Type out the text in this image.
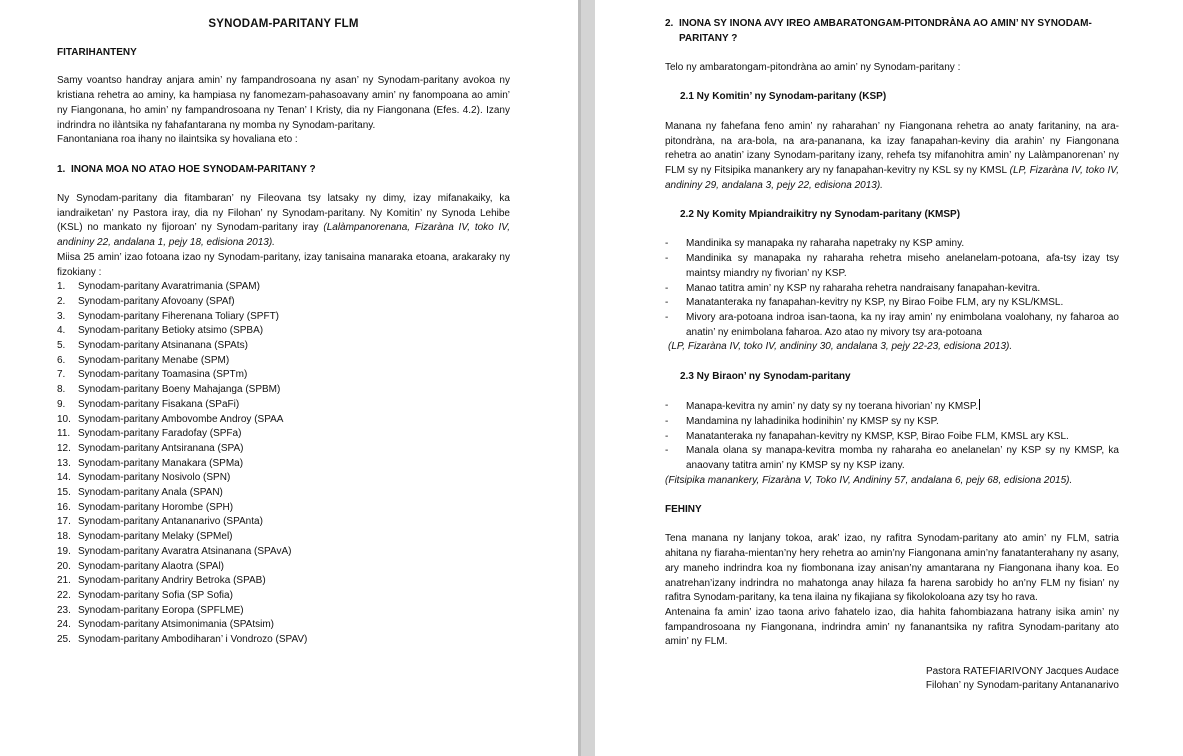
SYNODAM-PARITANY FLM

FITARIHANTENY

Samy voantso handray anjara amin’ ny fampandrosoana ny asan’ ny Synodam-paritany avokoa ny kristiana rehetra ao aminy, ka hampiasa ny fanomezam-pahasoavany amin’ ny fanompoana ao amin’ ny Fiangonana, ho amin’ ny fampandrosoana ny Tenan’ I Kristy, dia ny Fiangonana (Efes. 4.2). Izany indrindra no ilàntsika ny fahafantarana ny momba ny Synodam-paritany.

Fanontaniana roa ihany no ilaintsika sy hovaliana eto :

1. INONA MOA NO ATAO HOE SYNODAM-PARITANY ?

Ny Synodam-paritany dia fitambaran’ ny Fileovana tsy latsaky ny dimy, izay mifanakaiky, ka iandraiketan’ ny Pastora iray, dia ny Filohan’ ny Synodam-paritany. Ny Komitin’ ny Synoda Lehibe (KSL) no mankato ny fijoroan’ ny Synodam-paritany iray (Lalàmpanorenana, Fizaràna IV, toko IV, andininy 22, andalana 1, pejy 18, edisiona 2013).

Miisa 25 amin’ izao fotoana izao ny Synodam-paritany, izay tanisaina manaraka etoana, arakaraky ny fizokiany :

1.	Synodam-paritany Avaratrimania (SPAM)
2.	Synodam-paritany Afovoany (SPAf)
3.	Synodam-paritany Fiherenana Toliary (SPFT)
4.	Synodam-paritany Betioky atsimo (SPBA)
5.	Synodam-paritany Atsinanana (SPAts)
6.	Synodam-paritany Menabe (SPM)
7.	Synodam-paritany Toamasina (SPTm)
8.	Synodam-paritany Boeny Mahajanga (SPBM)
9.	Synodam-paritany Fisakana (SPaFi)
10. Synodam-paritany Ambovombe Androy (SPAA
11. Synodam-paritany Faradofay (SPFa)
12. Synodam-paritany Antsiranana (SPA)
13. Synodam-paritany Manakara (SPMa)
14. Synodam-paritany Nosivolo (SPN)
15. Synodam-paritany Anala (SPAN)
16. Synodam-paritany Horombe (SPH)
17. Synodam-paritany Antananarivo (SPAnta)
18. Synodam-paritany Melaky (SPMel)
19. Synodam-paritany Avaratra Atsinanana (SPAvA)
20. Synodam-paritany Alaotra (SPAl)
21. Synodam-paritany Andriry Betroka (SPAB)
22. Synodam-paritany Sofia (SP Sofia)
23. Synodam-paritany Eoropa (SPFLME)
24. Synodam-paritany Atsimonimania (SPAtsim)
25. Synodam-paritany Ambodiharan’ i Vondrozo (SPAV)
2. INONA SY INONA AVY IREO AMBARATONGAM-PITONDRÀNA AO AMIN’ NY SYNODAM-PARITANY ?

Telo ny ambaratongam-pitondràna ao amin’ ny Synodam-paritany :

2.1 Ny Komitin’ ny Synodam-paritany (KSP)

Manana ny fahefana feno amin’ ny raharahan’ ny Fiangonana rehetra ao anaty faritaniny, na ara-pitondràna, na ara-bola, na ara-pananana, ka izay fanapahan-keviny dia arahin’ ny Fiangonana rehetra ao anatin’ izany Synodam-paritany izany, rehefa tsy mifanohitra amin’ ny Lalàmpanorenan’ ny FLM sy ny Fitsipika manankery ary ny fanapahan-kevitry ny KSL sy ny KMSL (LP, Fizaràna IV, toko IV, andininy 29, andalana 3, pejy 22, edisiona 2013).

2.2 Ny Komity Mpiandraikitry ny Synodam-paritany (KMSP)

-	Mandinika sy manapaka ny raharaha napetraky ny KSP aminy.
-	Mandinika sy manapaka ny raharaha rehetra miseho anelanelam-potoana, afa-tsy izay tsy maintsy miandry ny fivorian’ ny KSP.
-	Manao tatitra amin’ ny KSP ny raharaha rehetra nandraisany fanapahan-kevitra.
-	Manatanteraka ny fanapahan-kevitry ny KSP, ny Birao Foibe FLM, ary ny KSL/KMSL.
-	Mivory ara-potoana indroa isan-taona, ka ny iray amin’ ny enimbolana voalohany, ny faharoa ao anatin’ ny enimbolana faharoa. Azo atao ny mivory tsy ara-potoana

(LP, Fizaràna IV, toko IV, andininy 30, andalana 3, pejy 22-23, edisiona 2013).

2.3 Ny Biraon’ ny Synodam-paritany

-	Manapa-kevitra ny amin’ ny daty sy ny toerana hivorian’ ny KMSP.
-	Mandamina ny lahadinika hodinihin’ ny KMSP sy ny KSP.
-	Manatanteraka ny fanapahan-kevitry ny KMSP, KSP, Birao Foibe FLM, KMSL ary KSL.
-	Manala olana sy manapa-kevitra momba ny raharaha eo anelanelan’ ny KSP sy ny KMSP, ka anaovany tatitra amin’ ny KMSP sy ny KSP izany.

(Fitsipika manankery, Fizaràna V, Toko IV, Andininy 57, andalana 6, pejy 68, edisiona 2015).

FEHINY

Tena manana ny lanjany tokoa, arak’ izao, ny rafitra Synodam-paritany ato amin’ ny FLM, satria ahitana ny fiaraha-mientan’ny hery rehetra ao amin’ny Fiangonana amin’ny fanatanterahany ny asany, ary maneho indrindra koa ny fiombonana izay anisan’ny amantarana ny Fiangonana ihany koa. Eo anatrehan’izany indrindra no mahatonga anay hilaza fa harena sarobidy ho an’ny FLM ny fisian’ ny rafitra Synodam-paritany, ka tena ilaina ny fikajiana sy fikolokoloana azy tsy ho rava.

Antenaina fa amin’ izao taona arivo fahatelo izao, dia hahita fahombiazana hatrany isika amin’ ny fampandrosoana ny Fiangonana, indrindra amin’ ny fananantsika ny rafitra Synodam-paritany ato amin’ ny FLM.

Pastora RATEFIARIVONY Jacques Audace

Filohan’ ny Synodam-paritany Antananarivo
